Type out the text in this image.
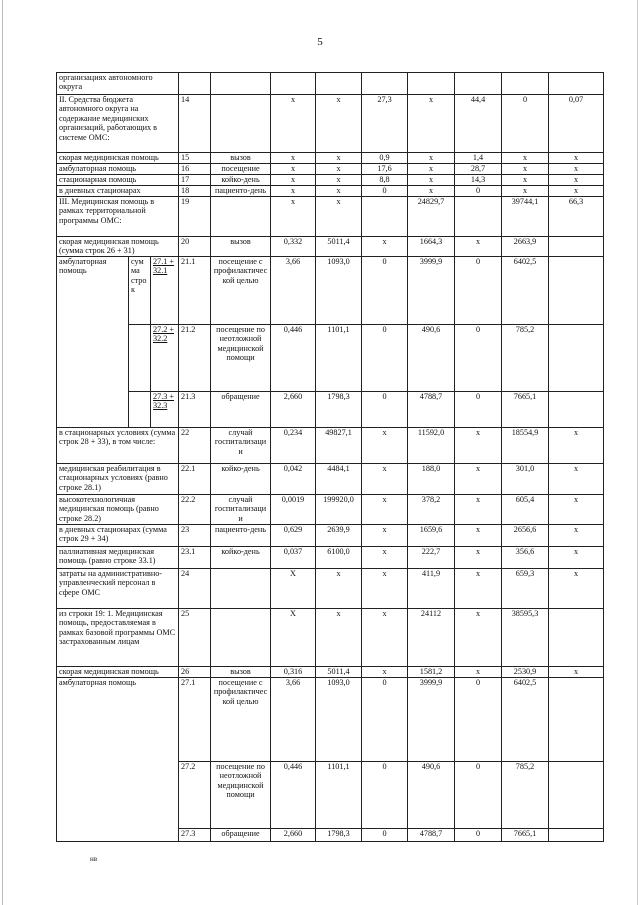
5
организациях автономного округа											
II. Средства бюджета автономного округа на содержание медицинских организаций, работающих в системе ОМС:			14		х	х	27,3	х	44,4	0	0,07
скорая медицинская помощь			15	вызов	х	х	0,9	х	1,4	х	х
амбулаторная помощь			16	посещение	х	х	17,6	х	28,7	х	х
стационарная помощь			17	койко-день	х	х	8,8	х	14,3	х	х
в дневных стационарах			18	пациенто-день	х	х	0	х	0	х	х
III. Медицинская помощь в рамках территориальной программы ОМС:			19		х	х		24829,7		39744,1	66,3
скорая медицинская помощь (сумма строк 26 + 31)			20	вызов	0,332	5011,4	х	1664,3	х	2663,9	
амбулаторная помощь	сумма строк	27.1 + 32.1	21.1	посещение с профилактической целью	3,66	1093,0	0	3999,9	0	6402,5	
		27.2 + 32.2	21.2	посещение по неотложной медицинской помощи	0,446	1101,1	0	490,6	0	785,2	
		27.3 + 32.3	21.3	обращение	2,660	1798,3	0	4788,7	0	7665,1	
в стационарных условиях (сумма строк 28 + 33), в том числе:			22	случай госпитализации	0,234	49827,1	х	11592,0	х	18554,9	х
медицинская реабилитация в стационарных условиях (равно строке 28.1)			22.1	койко-день	0,042	4484,1	х	188,0	х	301,0	х
высокотехнологичная медицинская помощь (равно строке 28.2)			22.2	случай госпитализации	0,0019	199920,0	х	378,2	х	605,4	х
в дневных стационарах (сумма строк 29 + 34)			23	пациенто-день	0,629	2639,9	х	1659,6	х	2656,6	х
паллиативная медицинская помощь (равно строке 33.1)			23.1	койко-день	0,037	6100,0	х	222,7	х	356,6	х
затраты на административно-управленческий персонал в сфере ОМС			24		Х	х	х	411,9	х	659,3	х
из строки 19: 1. Медицинская помощь, предоставляемая в рамках базовой программы ОМС застрахованным лицам			25		Х	х	х	24112	х	38595,3	
скорая медицинская помощь			26	вызов	0,316	5011,4	х	1581,2	х	2530,9	х
амбулаторная помощь			27.1	посещение с профилактической целью	3,66	1093,0	0	3999,9	0	6402,5	
			27.2	посещение по неотложной медицинской помощи	0,446	1101,1	0	490,6	0	785,2	
			27.3	обращение	2,660	1798,3	0	4788,7	0	7665,1	
нв
